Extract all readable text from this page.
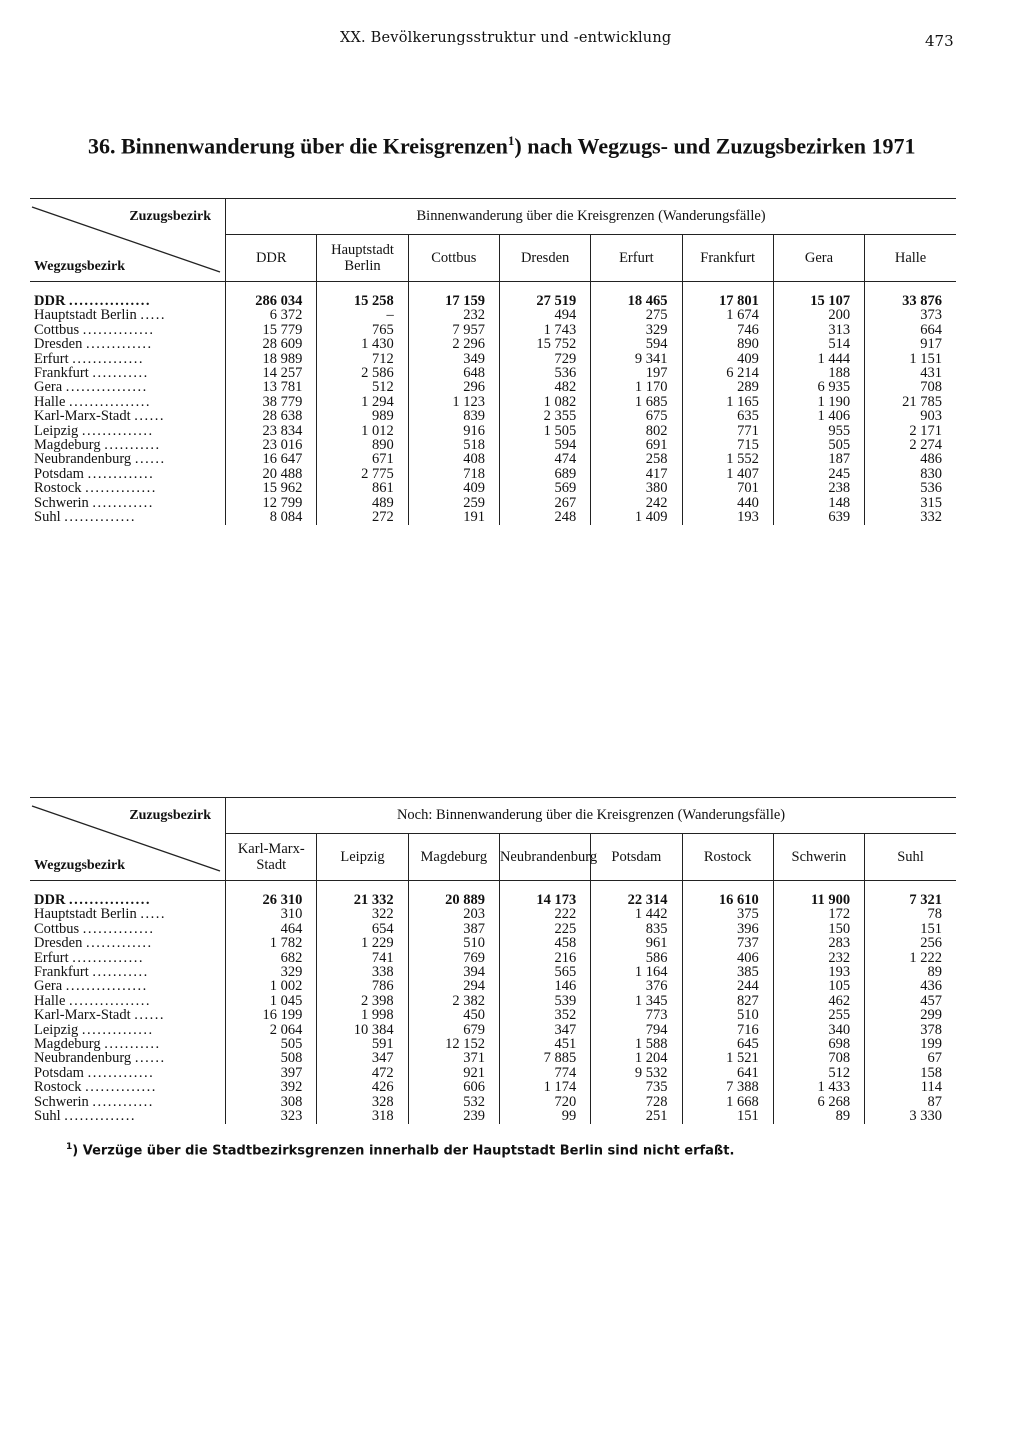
XX. Bevölkerungsstruktur und -entwicklung	473
36. Binnenwanderung über die Kreisgrenzen$^1$) nach Wegzugs- und Zuzugsbezirken 1971
Zuzugsbezirk
Wegzugsbezirk	Binnenwanderung über die Kreisgrenzen (Wanderungsfälle)							
	DDR	Hauptstadt Berlin	Cottbus	Dresden	Erfurt	Frankfurt	Gera	Halle

DDR ................	286 034	15 258	17 159	27 519	18 465	17 801	15 107	33 876
Hauptstadt Berlin .....	6 372	–	232	494	275	1 674	200	373
Cottbus ..............	15 779	765	7 957	1 743	329	746	313	664
Dresden .............	28 609	1 430	2 296	15 752	594	890	514	917
Erfurt ..............	18 989	712	349	729	9 341	409	1 444	1 151
Frankfurt ...........	14 257	2 586	648	536	197	6 214	188	431
Gera ................	13 781	512	296	482	1 170	289	6 935	708
Halle ................	38 779	1 294	1 123	1 082	1 685	1 165	1 190	21 785
Karl-Marx-Stadt ......	28 638	989	839	2 355	675	635	1 406	903
Leipzig ..............	23 834	1 012	916	1 505	802	771	955	2 171
Magdeburg ...........	23 016	890	518	594	691	715	505	2 274
Neubrandenburg ......	16 647	671	408	474	258	1 552	187	486
Potsdam .............	20 488	2 775	718	689	417	1 407	245	830
Rostock ..............	15 962	861	409	569	380	701	238	536
Schwerin ............	12 799	489	259	267	242	440	148	315
Suhl ..............	8 084	272	191	248	1 409	193	639	332
Zuzugsbezirk
Wegzugsbezirk	Noch: Binnenwanderung über die Kreisgrenzen (Wanderungsfälle)							
	Karl-Marx-Stadt	Leipzig	Magdeburg	Neubrandenburg	Potsdam	Rostock	Schwerin	Suhl

DDR ................	26 310	21 332	20 889	14 173	22 314	16 610	11 900	7 321
Hauptstadt Berlin .....	310	322	203	222	1 442	375	172	78
Cottbus ..............	464	654	387	225	835	396	150	151
Dresden .............	1 782	1 229	510	458	961	737	283	256
Erfurt ..............	682	741	769	216	586	406	232	1 222
Frankfurt ...........	329	338	394	565	1 164	385	193	89
Gera ................	1 002	786	294	146	376	244	105	436
Halle ................	1 045	2 398	2 382	539	1 345	827	462	457
Karl-Marx-Stadt ......	16 199	1 998	450	352	773	510	255	299
Leipzig ..............	2 064	10 384	679	347	794	716	340	378
Magdeburg ...........	505	591	12 152	451	1 588	645	698	199
Neubrandenburg ......	508	347	371	7 885	1 204	1 521	708	67
Potsdam .............	397	472	921	774	9 532	641	512	158
Rostock ..............	392	426	606	1 174	735	7 388	1 433	114
Schwerin ............	308	328	532	720	728	1 668	6 268	87
Suhl ..............	323	318	239	99	251	151	89	3 330
$^1$) Verzüge über die Stadtbezirksgrenzen innerhalb der Hauptstadt Berlin sind nicht erfaßt.
